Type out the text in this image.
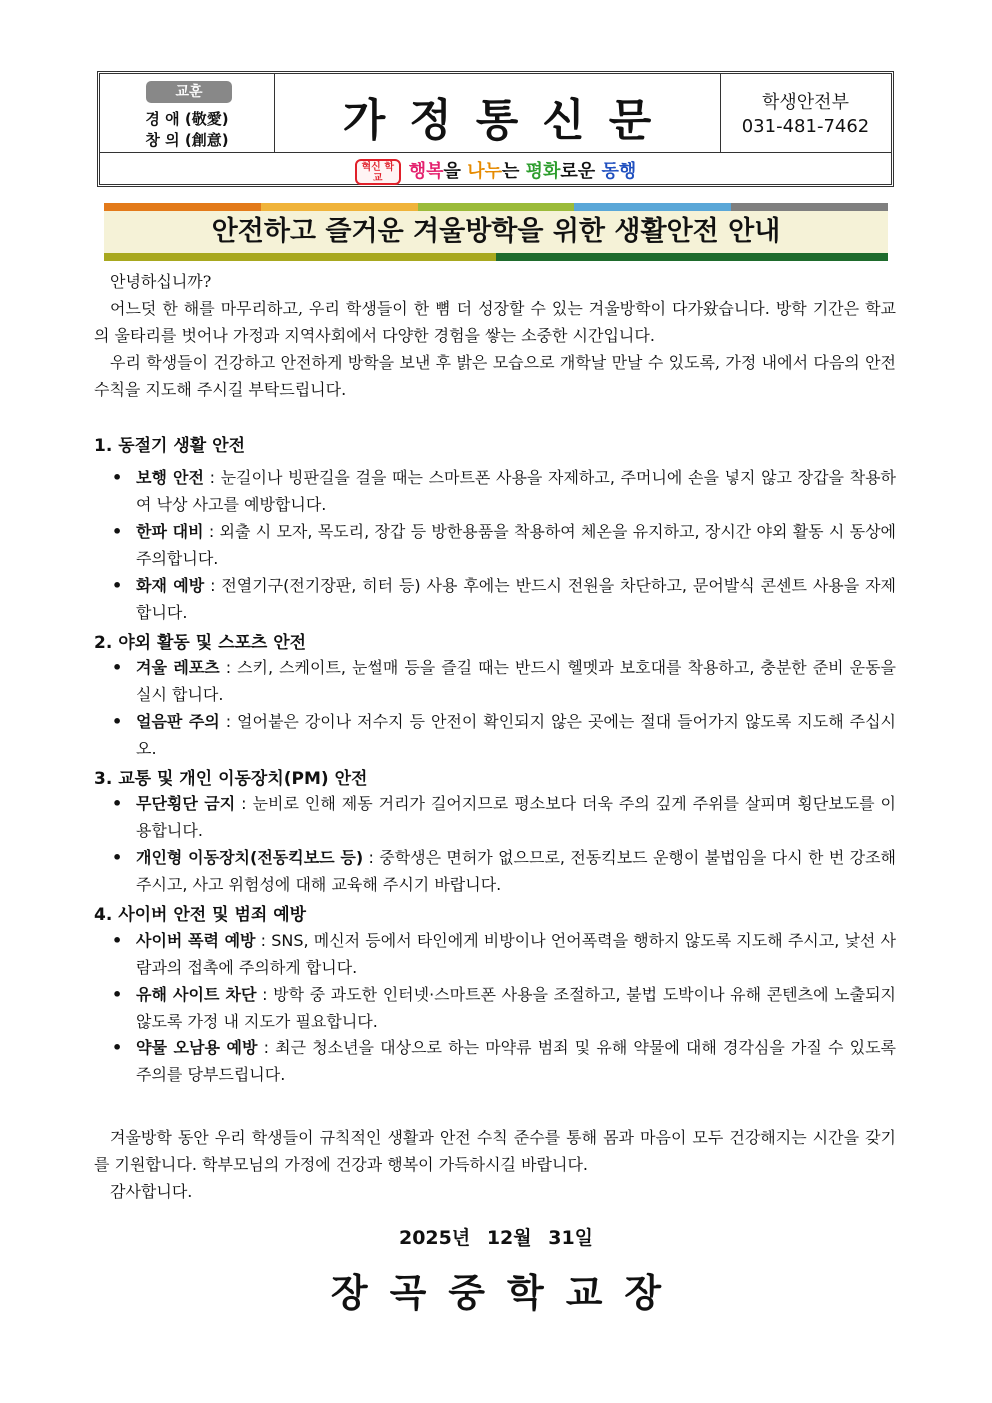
교훈
경 애 (敬愛)
창 의 (創意)	가정통신문	학생안전부
031-481-7462
혁신 학교 행복을 나누는 평화로운 동행
안전하고 즐거운 겨울방학을 위한 생활안전 안내
안녕하십니까?
어느덧 한 해를 마무리하고, 우리 학생들이 한 뼘 더 성장할 수 있는 겨울방학이 다가왔습니다. 방학 기간은 학교의 울타리를 벗어나 가정과 지역사회에서 다양한 경험을 쌓는 소중한 시간입니다.
우리 학생들이 건강하고 안전하게 방학을 보낸 후 밝은 모습으로 개학날 만날 수 있도록, 가정 내에서 다음의 안전 수칙을 지도해 주시길 부탁드립니다.
1. 동절기 생활 안전
• 보행 안전 : 눈길이나 빙판길을 걸을 때는 스마트폰 사용을 자제하고, 주머니에 손을 넣지 않고 장갑을 착용하여 낙상 사고를 예방합니다.
• 한파 대비 : 외출 시 모자, 목도리, 장갑 등 방한용품을 착용하여 체온을 유지하고, 장시간 야외 활동 시 동상에 주의합니다.
• 화재 예방 : 전열기구(전기장판, 히터 등) 사용 후에는 반드시 전원을 차단하고, 문어발식 콘센트 사용을 자제합니다.
2. 야외 활동 및 스포츠 안전
• 겨울 레포츠 : 스키, 스케이트, 눈썰매 등을 즐길 때는 반드시 헬멧과 보호대를 착용하고, 충분한 준비 운동을 실시 합니다.
• 얼음판 주의 : 얼어붙은 강이나 저수지 등 안전이 확인되지 않은 곳에는 절대 들어가지 않도록 지도해 주십시오.
3. 교통 및 개인 이동장치(PM) 안전
• 무단횡단 금지 : 눈비로 인해 제동 거리가 길어지므로 평소보다 더욱 주의 깊게 주위를 살피며 횡단보도를 이용합니다.
• 개인형 이동장치(전동킥보드 등) : 중학생은 면허가 없으므로, 전동킥보드 운행이 불법임을 다시 한 번 강조해 주시고, 사고 위험성에 대해 교육해 주시기 바랍니다.
4. 사이버 안전 및 범죄 예방
• 사이버 폭력 예방 : SNS, 메신저 등에서 타인에게 비방이나 언어폭력을 행하지 않도록 지도해 주시고, 낯선 사람과의 접촉에 주의하게 합니다.
• 유해 사이트 차단 : 방학 중 과도한 인터넷·스마트폰 사용을 조절하고, 불법 도박이나 유해 콘텐츠에 노출되지 않도록 가정 내 지도가 필요합니다.
• 약물 오남용 예방 : 최근 청소년을 대상으로 하는 마약류 범죄 및 유해 약물에 대해 경각심을 가질 수 있도록 주의를 당부드립니다.
겨울방학 동안 우리 학생들이 규칙적인 생활과 안전 수칙 준수를 통해 몸과 마음이 모두 건강해지는 시간을 갖기를 기원합니다. 학부모님의 가정에 건강과 행복이 가득하시길 바랍니다.
감사합니다.
2025년 12월 31일
장곡중학교장
